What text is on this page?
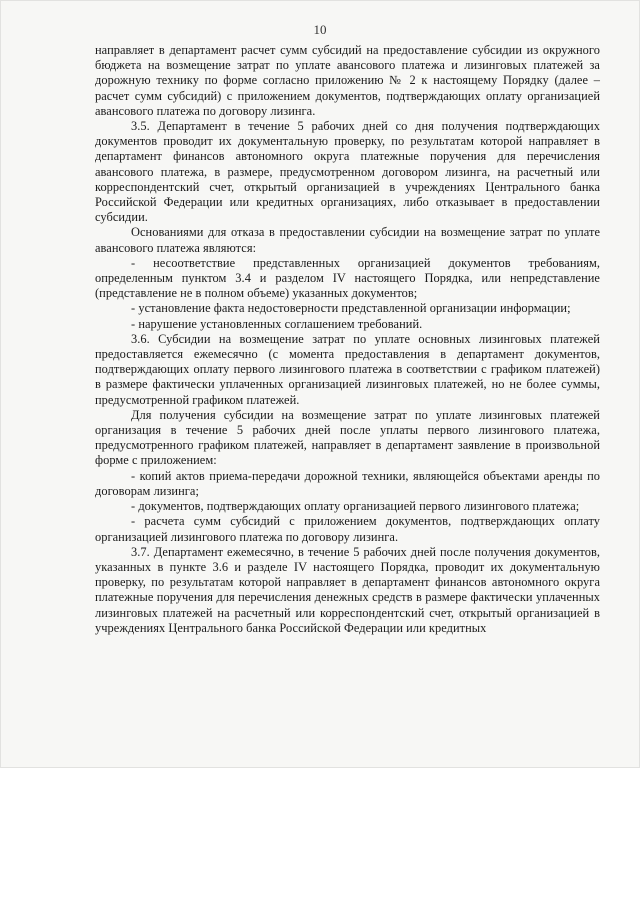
10

направляет в департамент расчет сумм субсидий на предоставление субсидии из окружного бюджета на возмещение затрат по уплате авансового платежа и лизинговых платежей за дорожную технику по форме согласно приложению № 2 к настоящему Порядку (далее – расчет сумм субсидий) с приложением документов, подтверждающих оплату организацией авансового платежа по договору лизинга.

3.5. Департамент в течение 5 рабочих дней со дня получения подтверждающих документов проводит их документальную проверку, по результатам которой направляет в департамент финансов автономного округа платежные поручения для перечисления авансового платежа, в размере, предусмотренном договором лизинга, на расчетный или корреспондентский счет, открытый организацией в учреждениях Центрального банка Российской Федерации или кредитных организациях, либо отказывает в предоставлении субсидии.

Основаниями для отказа в предоставлении субсидии на возмещение затрат по уплате авансового платежа являются:

- несоответствие представленных организацией документов требованиям, определенным пунктом 3.4 и разделом IV настоящего Порядка, или непредставление (представление не в полном объеме) указанных документов;

- установление факта недостоверности представленной организации информации;

- нарушение установленных соглашением требований.

3.6. Субсидии на возмещение затрат по уплате основных лизинговых платежей предоставляется ежемесячно (с момента предоставления в департамент документов, подтверждающих оплату первого лизингового платежа в соответствии с графиком платежей) в размере фактически уплаченных организацией лизинговых платежей, но не более суммы, предусмотренной графиком платежей.

Для получения субсидии на возмещение затрат по уплате лизинговых платежей организация в течение 5 рабочих дней после уплаты первого лизингового платежа, предусмотренного графиком платежей, направляет в департамент заявление в произвольной форме с приложением:

- копий актов приема-передачи дорожной техники, являющейся объектами аренды по договорам лизинга;

- документов, подтверждающих оплату организацией первого лизингового платежа;

- расчета сумм субсидий с приложением документов, подтверждающих оплату организацией лизингового платежа по договору лизинга.

3.7. Департамент ежемесячно, в течение 5 рабочих дней после получения документов, указанных в пункте 3.6 и разделе IV настоящего Порядка, проводит их документальную проверку, по результатам которой направляет в департамент финансов автономного округа платежные поручения для перечисления денежных средств в размере фактически уплаченных лизинговых платежей на расчетный или корреспондентский счет, открытый организацией в учреждениях Центрального банка Российской Федерации или кредитных
